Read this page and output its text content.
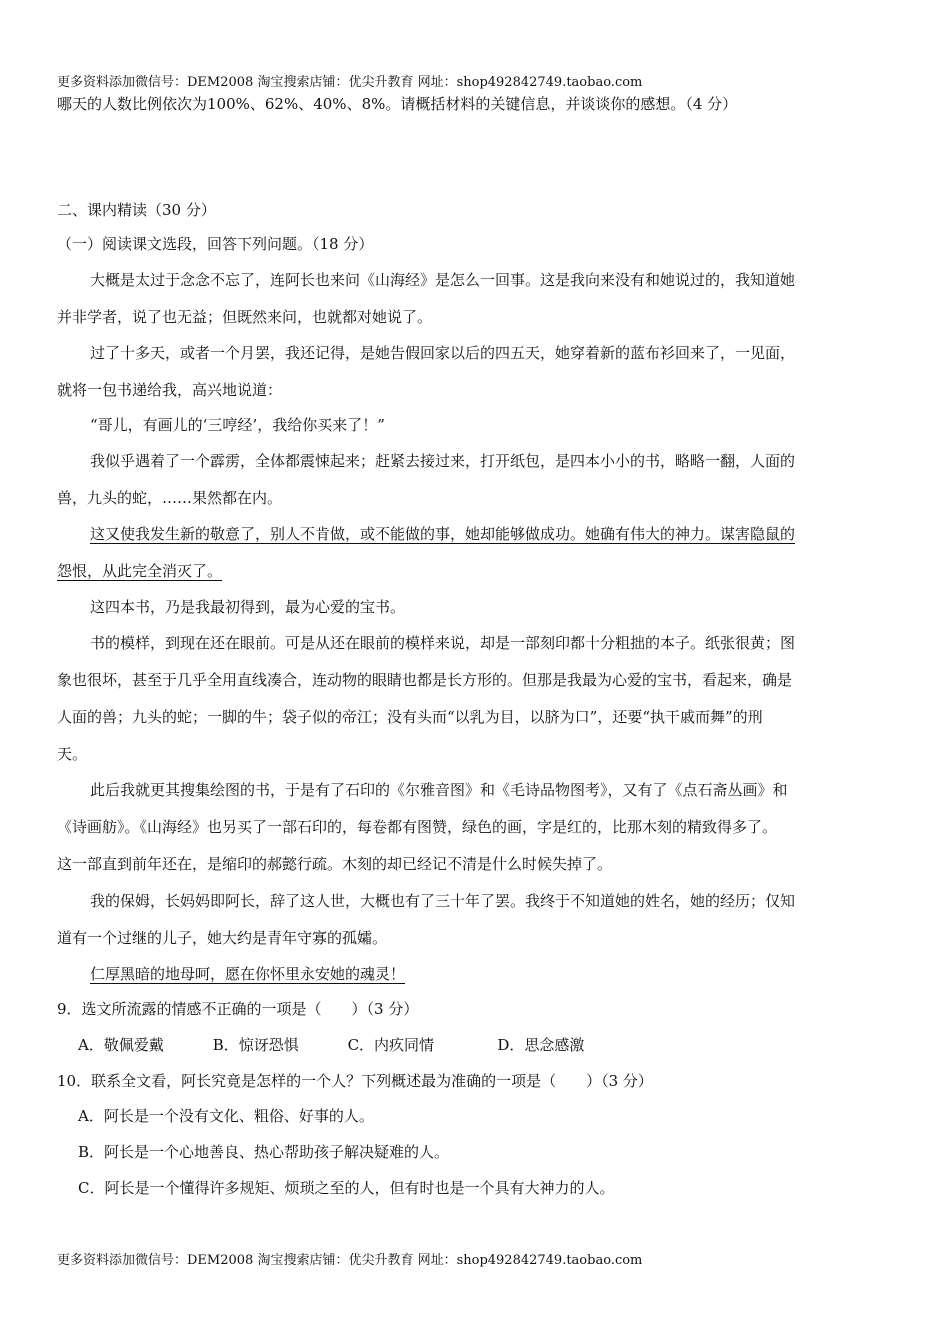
更多资料添加微信号：DEM2008 淘宝搜索店铺：优尖升教育 网址：shop492842749.taobao.com
哪天的人数比例依次为100%、62%、40%、8%。请概括材料的关键信息，并谈谈你的感想。（4 分）
二、课内精读（30 分）
（一）阅读课文选段，回答下列问题。（18 分）
大概是太过于念念不忘了，连阿长也来问《山海经》是怎么一回事。这是我向来没有和她说过的，我知道她
并非学者，说了也无益；但既然来问，也就都对她说了。
过了十多天，或者一个月罢，我还记得，是她告假回家以后的四五天，她穿着新的蓝布衫回来了，一见面，
就将一包书递给我，高兴地说道：
“哥儿，有画儿的‘三哼经’，我给你买来了！”
我似乎遇着了一个霹雳，全体都震悚起来；赶紧去接过来，打开纸包，是四本小小的书，略略一翻，人面的
兽，九头的蛇，……果然都在内。
这又使我发生新的敬意了，别人不肯做，或不能做的事，她却能够做成功。她确有伟大的神力。谋害隐鼠的
怨恨，从此完全消灭了。
这四本书，乃是我最初得到，最为心爱的宝书。
书的模样，到现在还在眼前。可是从还在眼前的模样来说，却是一部刻印都十分粗拙的本子。纸张很黄；图
象也很坏，甚至于几乎全用直线凑合，连动物的眼睛也都是长方形的。但那是我最为心爱的宝书，看起来，确是
人面的兽；九头的蛇；一脚的牛；袋子似的帝江；没有头而“以乳为目，以脐为口”，还要“执干戚而舞”的刑
天。
此后我就更其搜集绘图的书，于是有了石印的《尔雅音图》和《毛诗品物图考》，又有了《点石斋丛画》和
《诗画舫》。《山海经》也另买了一部石印的，每卷都有图赞，绿色的画，字是红的，比那木刻的精致得多了。
这一部直到前年还在，是缩印的郝懿行疏。木刻的却已经记不清是什么时候失掉了。
我的保姆，长妈妈即阿长，辞了这人世，大概也有了三十年了罢。我终于不知道她的姓名，她的经历；仅知
道有一个过继的儿子，她大约是青年守寡的孤孀。
仁厚黑暗的地母呵，愿在你怀里永安她的魂灵！
9．选文所流露的情感不正确的一项是（　　）（3 分）
A．敬佩爱戴	B．惊讶恐惧	C．内疚同情	D．思念感激
10．联系全文看，阿长究竟是怎样的一个人？下列概述最为准确的一项是（　　）（3 分）
A．阿长是一个没有文化、粗俗、好事的人。
B．阿长是一个心地善良、热心帮助孩子解决疑难的人。
C．阿长是一个懂得许多规矩、烦琐之至的人，但有时也是一个具有大神力的人。
更多资料添加微信号：DEM2008 淘宝搜索店铺：优尖升教育 网址：shop492842749.taobao.com
